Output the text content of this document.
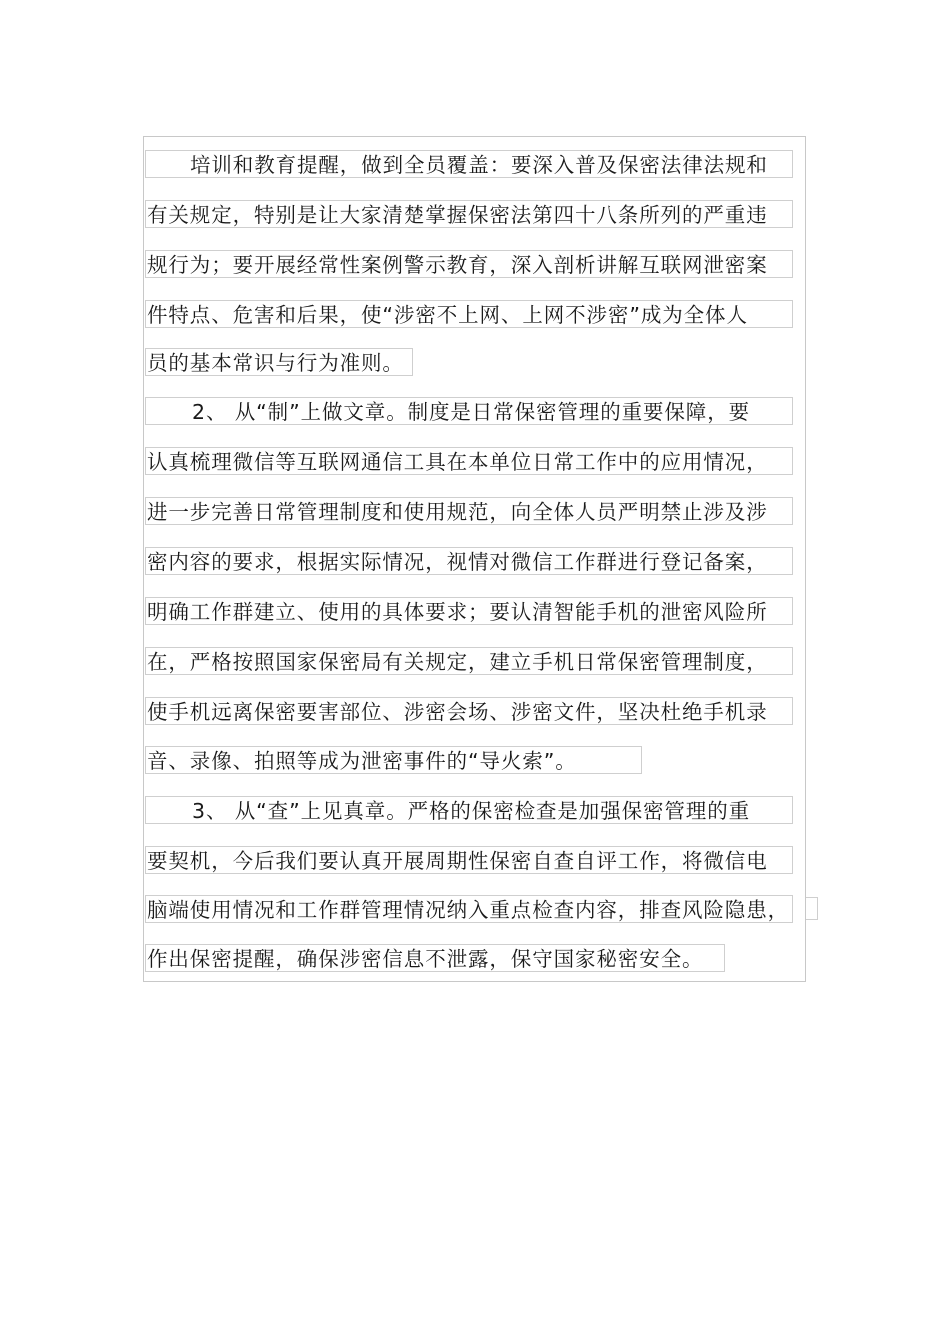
培训和教育提醒，做到全员覆盖：要深入普及保密法律法规和
有关规定，特别是让大家清楚掌握保密法第四十八条所列的严重违
规行为；要开展经常性案例警示教育，深入剖析讲解互联网泄密案
件特点、危害和后果，使“涉密不上网、上网不涉密”成为全体人
员的基本常识与行为准则。
2、 从“制”上做文章。制度是日常保密管理的重要保障，要
认真梳理微信等互联网通信工具在本单位日常工作中的应用情况，
进一步完善日常管理制度和使用规范，向全体人员严明禁止涉及涉
密内容的要求，根据实际情况，视情对微信工作群进行登记备案，
明确工作群建立、使用的具体要求；要认清智能手机的泄密风险所
在，严格按照国家保密局有关规定，建立手机日常保密管理制度，
使手机远离保密要害部位、涉密会场、涉密文件，坚决杜绝手机录
音、录像、拍照等成为泄密事件的“导火索”。
3、 从“查”上见真章。严格的保密检查是加强保密管理的重
要契机，今后我们要认真开展周期性保密自查自评工作，将微信电
脑端使用情况和工作群管理情况纳入重点检查内容，排查风险隐患，
作出保密提醒，确保涉密信息不泄露，保守国家秘密安全。
